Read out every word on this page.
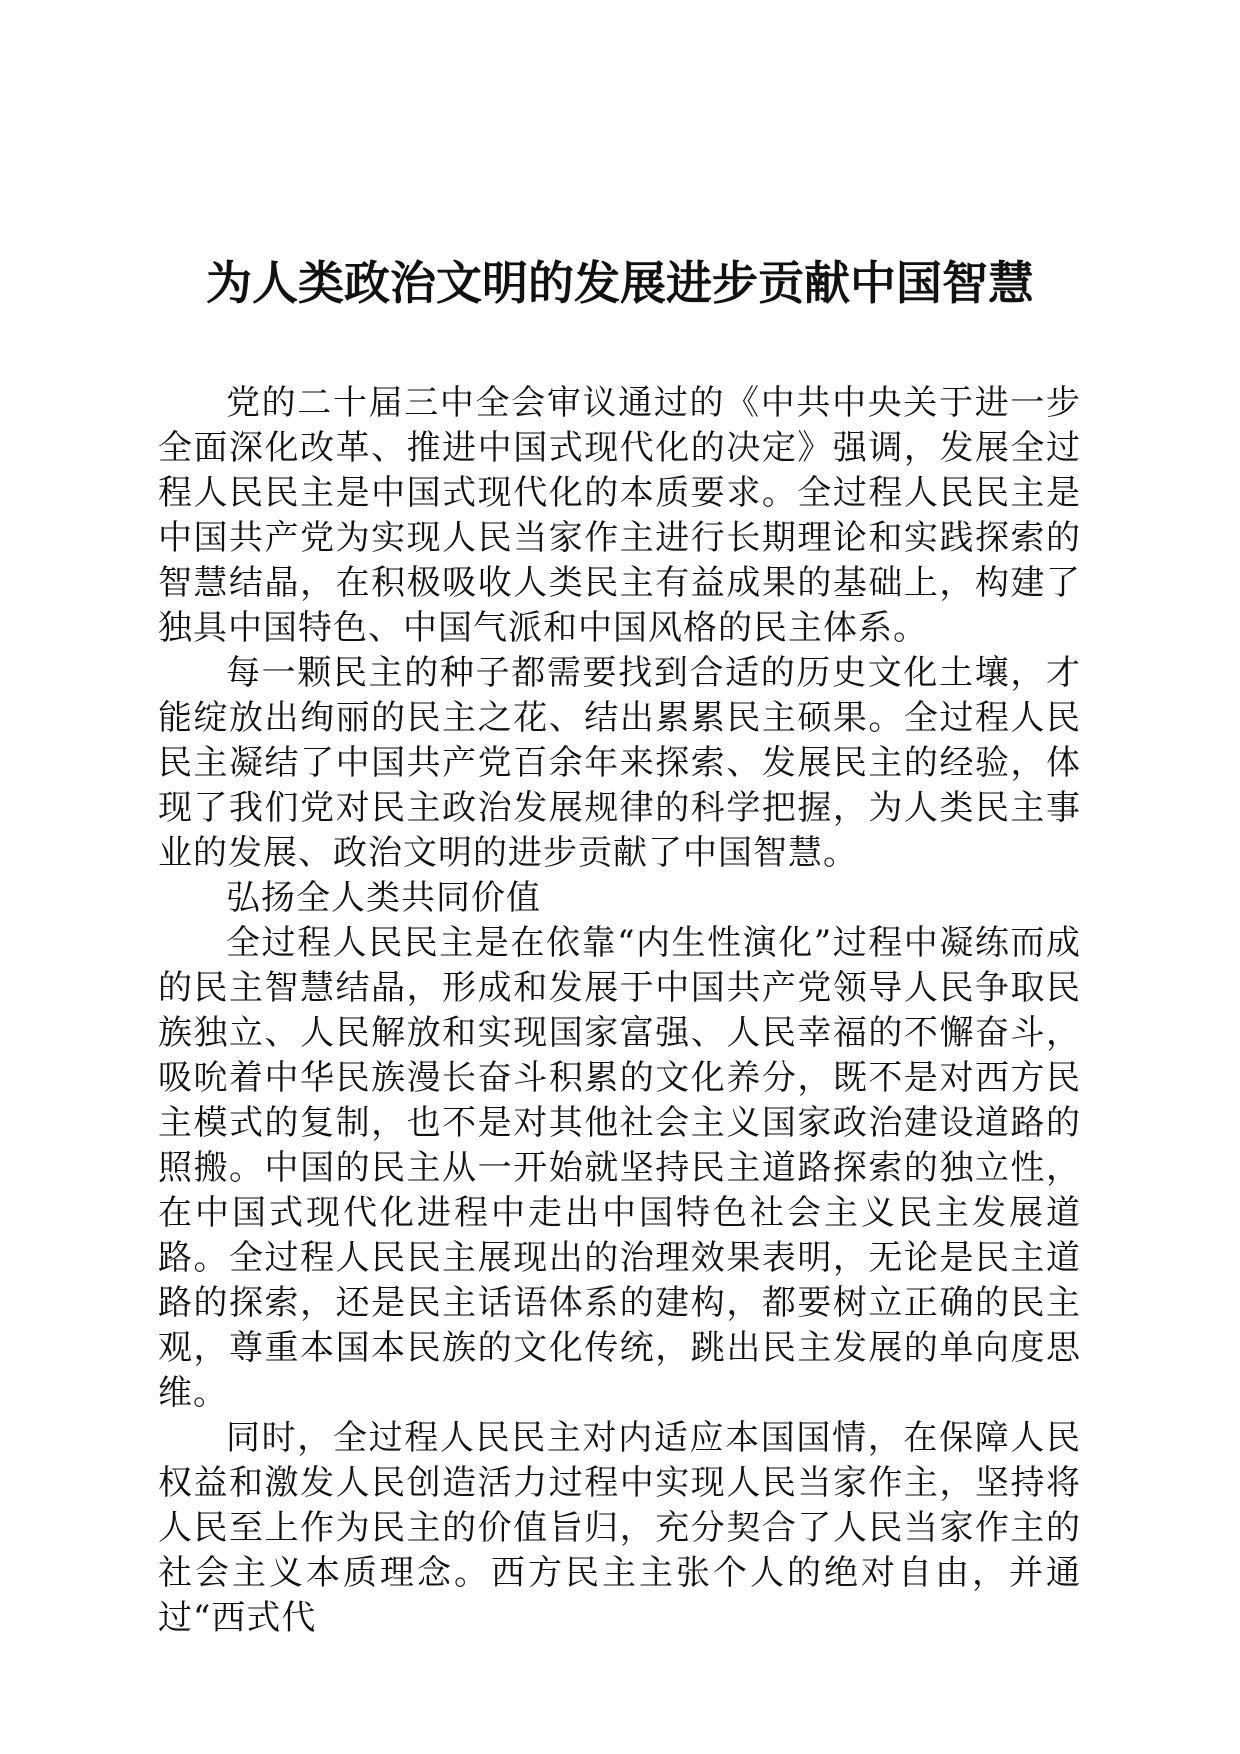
为人类政治文明的发展进步贡献中国智慧

党的二十届三中全会审议通过的《中共中央关于进一步全面深化改革、推进中国式现代化的决定》强调，发展全过程人民民主是中国式现代化的本质要求。全过程人民民主是中国共产党为实现人民当家作主进行长期理论和实践探索的智慧结晶，在积极吸收人类民主有益成果的基础上，构建了独具中国特色、中国气派和中国风格的民主体系。

每一颗民主的种子都需要找到合适的历史文化土壤，才能绽放出绚丽的民主之花、结出累累民主硕果。全过程人民民主凝结了中国共产党百余年来探索、发展民主的经验，体现了我们党对民主政治发展规律的科学把握，为人类民主事业的发展、政治文明的进步贡献了中国智慧。

弘扬全人类共同价值

全过程人民民主是在依靠“内生性演化”过程中凝练而成的民主智慧结晶，形成和发展于中国共产党领导人民争取民族独立、人民解放和实现国家富强、人民幸福的不懈奋斗，吸吮着中华民族漫长奋斗积累的文化养分，既不是对西方民主模式的复制，也不是对其他社会主义国家政治建设道路的照搬。中国的民主从一开始就坚持民主道路探索的独立性，在中国式现代化进程中走出中国特色社会主义民主发展道路。全过程人民民主展现出的治理效果表明，无论是民主道路的探索，还是民主话语体系的建构，都要树立正确的民主观，尊重本国本民族的文化传统，跳出民主发展的单向度思维。

同时，全过程人民民主对内适应本国国情，在保障人民权益和激发人民创造活力过程中实现人民当家作主，坚持将人民至上作为民主的价值旨归，充分契合了人民当家作主的社会主义本质理念。西方民主主张个人的绝对自由，并通过“西式代
